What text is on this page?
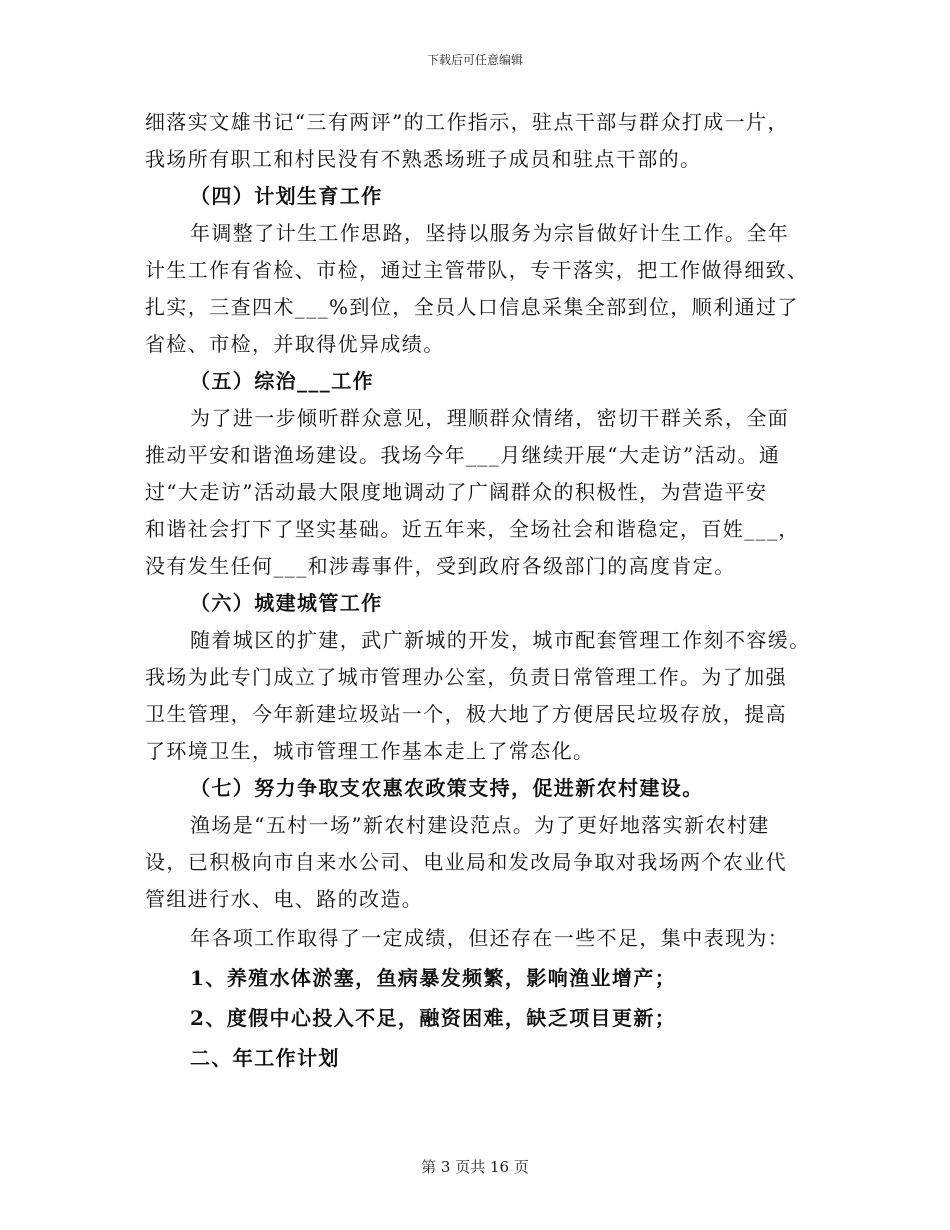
下载后可任意编辑
细落实文雄书记“三有两评”的工作指示，驻点干部与群众打成一片，
我场所有职工和村民没有不熟悉场班子成员和驻点干部的。
（四）计划生育工作
年调整了计生工作思路，坚持以服务为宗旨做好计生工作。全年
计生工作有省检、市检，通过主管带队，专干落实，把工作做得细致、
扎实，三查四术___%到位，全员人口信息采集全部到位，顺利通过了
省检、市检，并取得优异成绩。
（五）综治___工作
为了进一步倾听群众意见，理顺群众情绪，密切干群关系，全面
推动平安和谐渔场建设。我场今年___月继续开展“大走访”活动。通
过“大走访”活动最大限度地调动了广阔群众的积极性，为营造平安
和谐社会打下了坚实基础。近五年来，全场社会和谐稳定，百姓___，
没有发生任何___和涉毒事件，受到政府各级部门的高度肯定。
（六）城建城管工作
随着城区的扩建，武广新城的开发，城市配套管理工作刻不容缓。
我场为此专门成立了城市管理办公室，负责日常管理工作。为了加强
卫生管理，今年新建垃圾站一个，极大地了方便居民垃圾存放，提高
了环境卫生，城市管理工作基本走上了常态化。
（七）努力争取支农惠农政策支持，促进新农村建设。
渔场是“五村一场”新农村建设范点。为了更好地落实新农村建
设，已积极向市自来水公司、电业局和发改局争取对我场两个农业代
管组进行水、电、路的改造。
年各项工作取得了一定成绩，但还存在一些不足，集中表现为：
1、养殖水体淤塞，鱼病暴发频繁，影响渔业增产；
2、度假中心投入不足，融资困难，缺乏项目更新；
二、年工作计划
第 3 页共 16 页
